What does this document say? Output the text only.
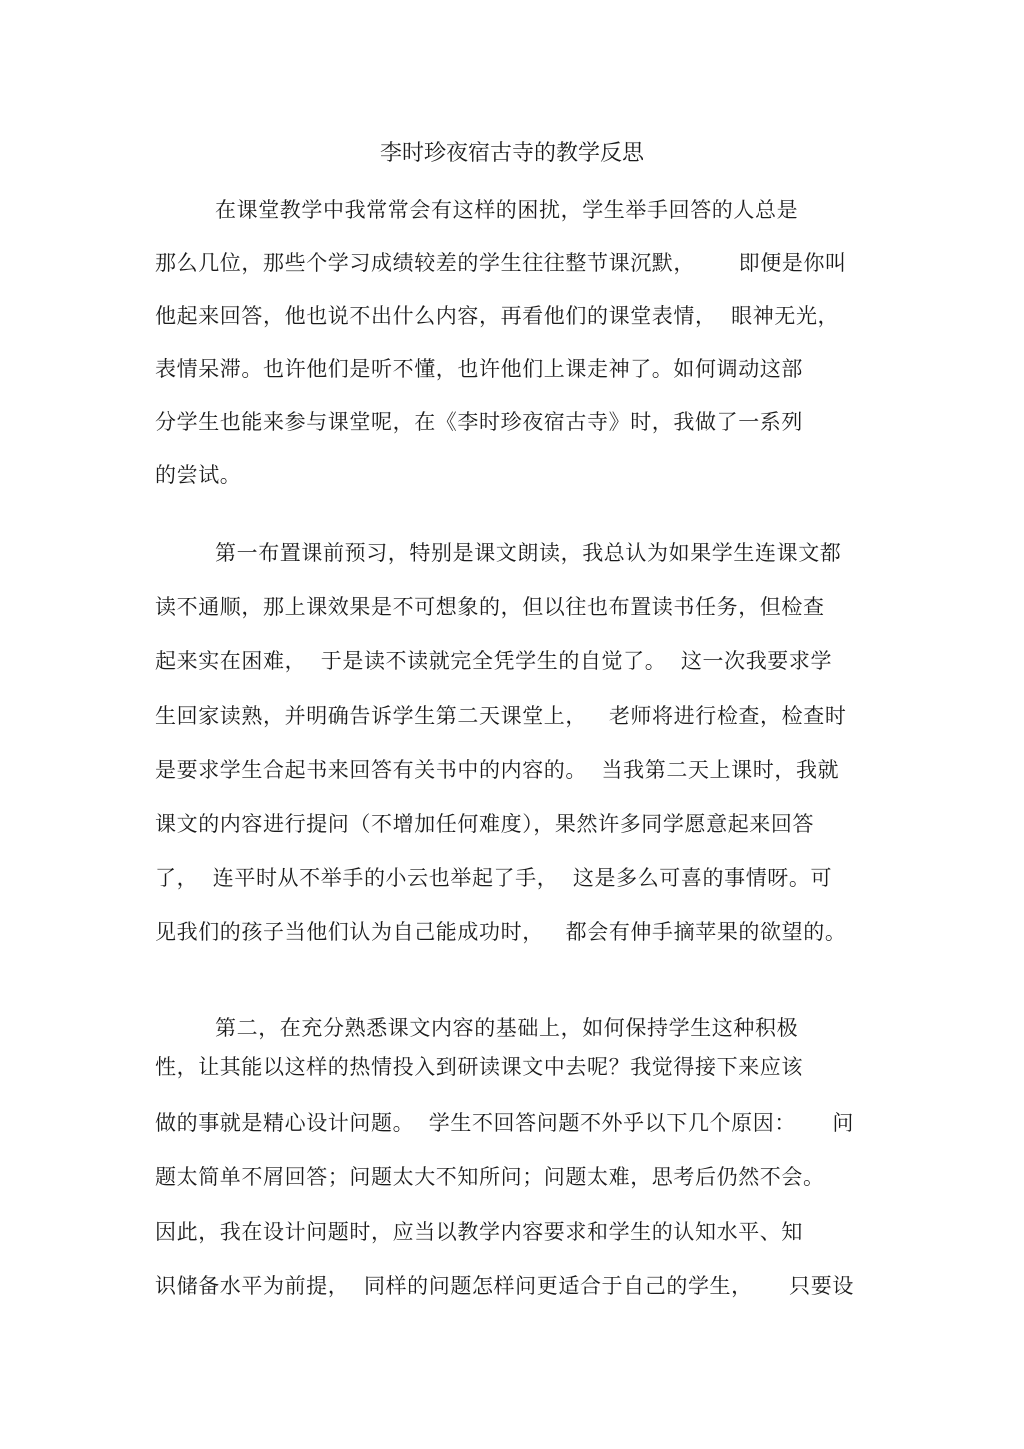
李时珍夜宿古寺的教学反思
在课堂教学中我常常会有这样的困扰，学生举手回答的人总是
那么几位，那些个学习成绩较差的学生往往整节课沉默，      即便是你叫
他起来回答，他也说不出什么内容，再看他们的课堂表情，  眼神无光，
表情呆滞。也许他们是听不懂，也许他们上课走神了。如何调动这部
分学生也能来参与课堂呢，在《李时珍夜宿古寺》时，我做了一系列
的尝试。
第一布置课前预习，特别是课文朗读，我总认为如果学生连课文都
读不通顺，那上课效果是不可想象的，但以往也布置读书任务，但检查
起来实在困难，  于是读不读就完全凭学生的自觉了。  这一次我要求学
生回家读熟，并明确告诉学生第二天课堂上，   老师将进行检查，检查时
是要求学生合起书来回答有关书中的内容的。  当我第二天上课时，我就
课文的内容进行提问（不增加任何难度），果然许多同学愿意起来回答
了，  连平时从不举手的小云也举起了手，  这是多么可喜的事情呀。可
见我们的孩子当他们认为自己能成功时，   都会有伸手摘苹果的欲望的。
第二，在充分熟悉课文内容的基础上，如何保持学生这种积极
性，让其能以这样的热情投入到研读课文中去呢？我觉得接下来应该
做的事就是精心设计问题。  学生不回答问题不外乎以下几个原因：     问
题太简单不屑回答；问题太大不知所问；问题太难，思考后仍然不会。
因此，我在设计问题时，应当以教学内容要求和学生的认知水平、知
识储备水平为前提，  同样的问题怎样问更适合于自己的学生，     只要设
